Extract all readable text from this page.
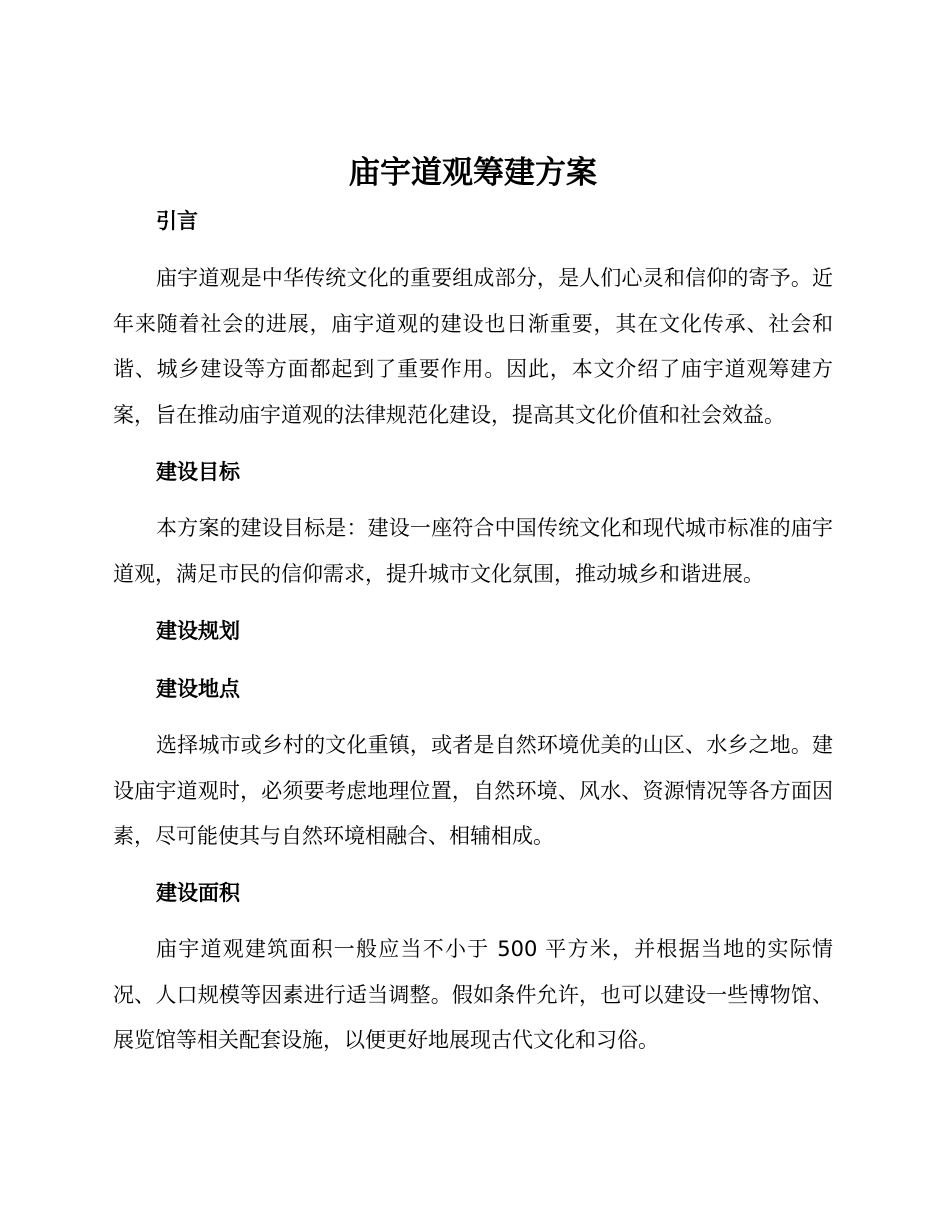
庙宇道观筹建方案
引言

庙宇道观是中华传统文化的重要组成部分，是人们心灵和信仰的寄予。近年来随着社会的进展，庙宇道观的建设也日渐重要，其在文化传承、社会和谐、城乡建设等方面都起到了重要作用。因此，本文介绍了庙宇道观筹建方案，旨在推动庙宇道观的法律规范化建设，提高其文化价值和社会效益。

建设目标

本方案的建设目标是：建设一座符合中国传统文化和现代城市标准的庙宇道观，满足市民的信仰需求，提升城市文化氛围，推动城乡和谐进展。

建设规划
建设地点

选择城市或乡村的文化重镇，或者是自然环境优美的山区、水乡之地。建设庙宇道观时，必须要考虑地理位置，自然环境、风水、资源情况等各方面因素，尽可能使其与自然环境相融合、相辅相成。

建设面积

庙宇道观建筑面积一般应当不小于 500 平方米，并根据当地的实际情况、人口规模等因素进行适当调整。假如条件允许，也可以建设一些博物馆、展览馆等相关配套设施，以便更好地展现古代文化和习俗。
